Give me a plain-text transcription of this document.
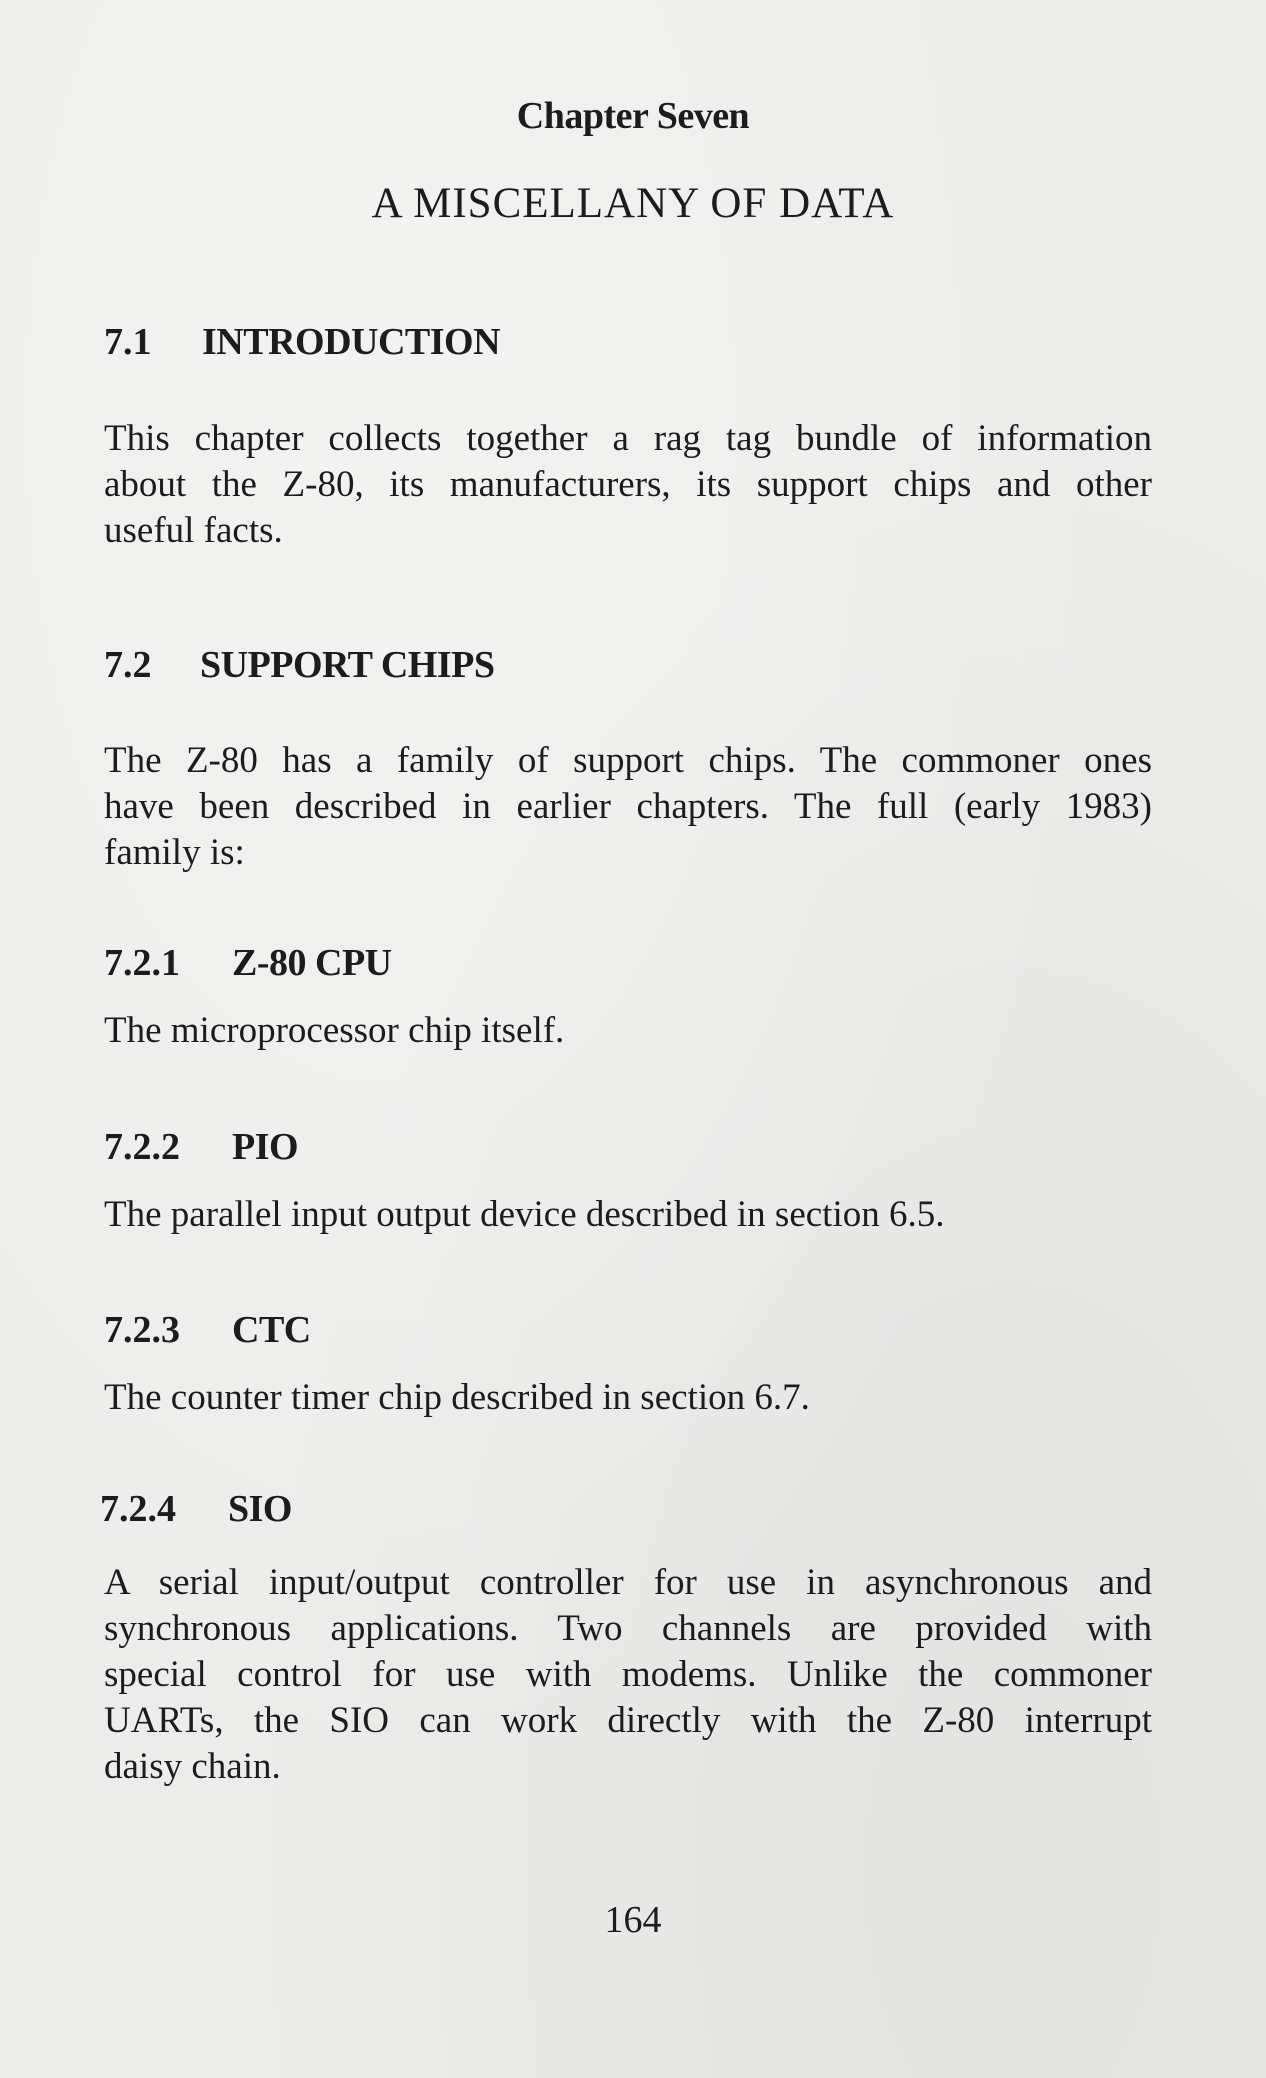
Chapter Seven
A MISCELLANY OF DATA
7.1 INTRODUCTION
This chapter collects together a rag tag bundle of information
about the Z-80, its manufacturers, its support chips and other
useful facts.
7.2 SUPPORT CHIPS
The Z-80 has a family of support chips. The commoner ones
have been described in earlier chapters. The full (early 1983)
family is:
7.2.1 Z-80 CPU
The microprocessor chip itself.
7.2.2 PIO
The parallel input output device described in section 6.5.
7.2.3 CTC
The counter timer chip described in section 6.7.
7.2.4 SIO
A serial input/output controller for use in asynchronous and
synchronous applications. Two channels are provided with
special control for use with modems. Unlike the commoner
UARTs, the SIO can work directly with the Z-80 interrupt
daisy chain.
164
